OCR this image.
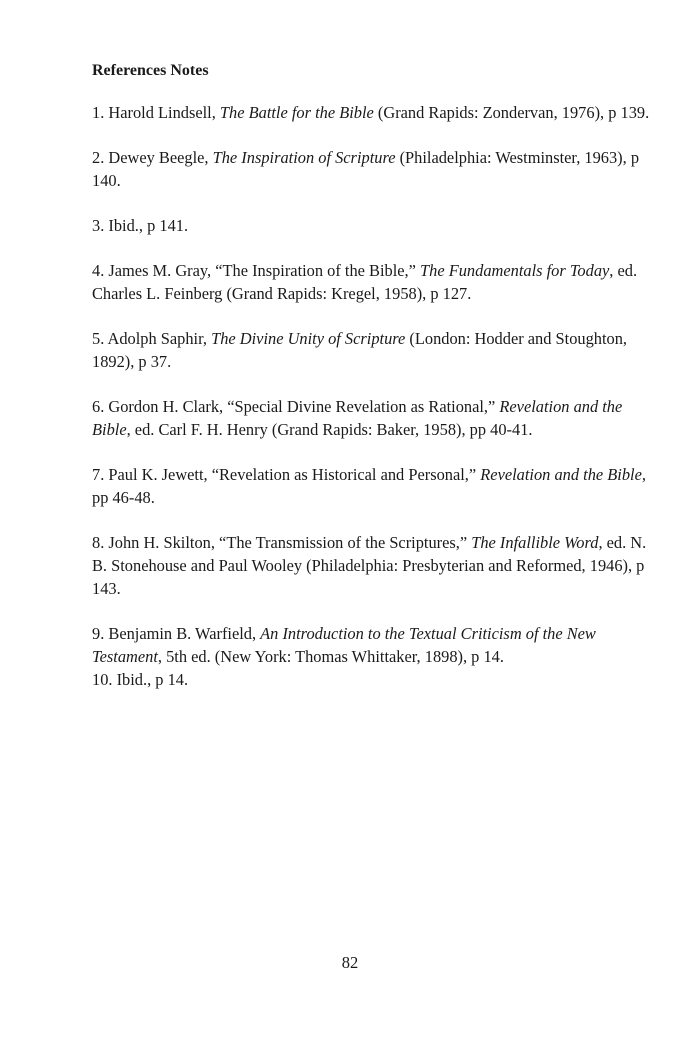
References Notes
1. Harold Lindsell, The Battle for the Bible (Grand Rapids: Zondervan, 1976), p 139.
2. Dewey Beegle, The Inspiration of Scripture (Philadelphia: Westminster, 1963), p 140.
3. Ibid., p 141.
4. James M. Gray, “The Inspiration of the Bible,” The Fundamentals for Today, ed. Charles L. Feinberg (Grand Rapids: Kregel, 1958), p 127.
5. Adolph Saphir, The Divine Unity of Scripture (London: Hodder and Stoughton, 1892), p 37.
6. Gordon H. Clark, “Special Divine Revelation as Rational,” Revelation and the Bible, ed. Carl F. H. Henry (Grand Rapids: Baker, 1958), pp 40-41.
7. Paul K. Jewett, “Revelation as Historical and Personal,” Revelation and the Bible, pp 46-48.
8. John H. Skilton, “The Transmission of the Scriptures,” The Infallible Word, ed. N. B. Stonehouse and Paul Wooley (Philadelphia: Presbyterian and Reformed, 1946), p 143.
9. Benjamin B. Warfield, An Introduction to the Textual Criticism of the New Testament, 5th ed. (New York: Thomas Whittaker, 1898), p 14.
10. Ibid., p 14.

82
